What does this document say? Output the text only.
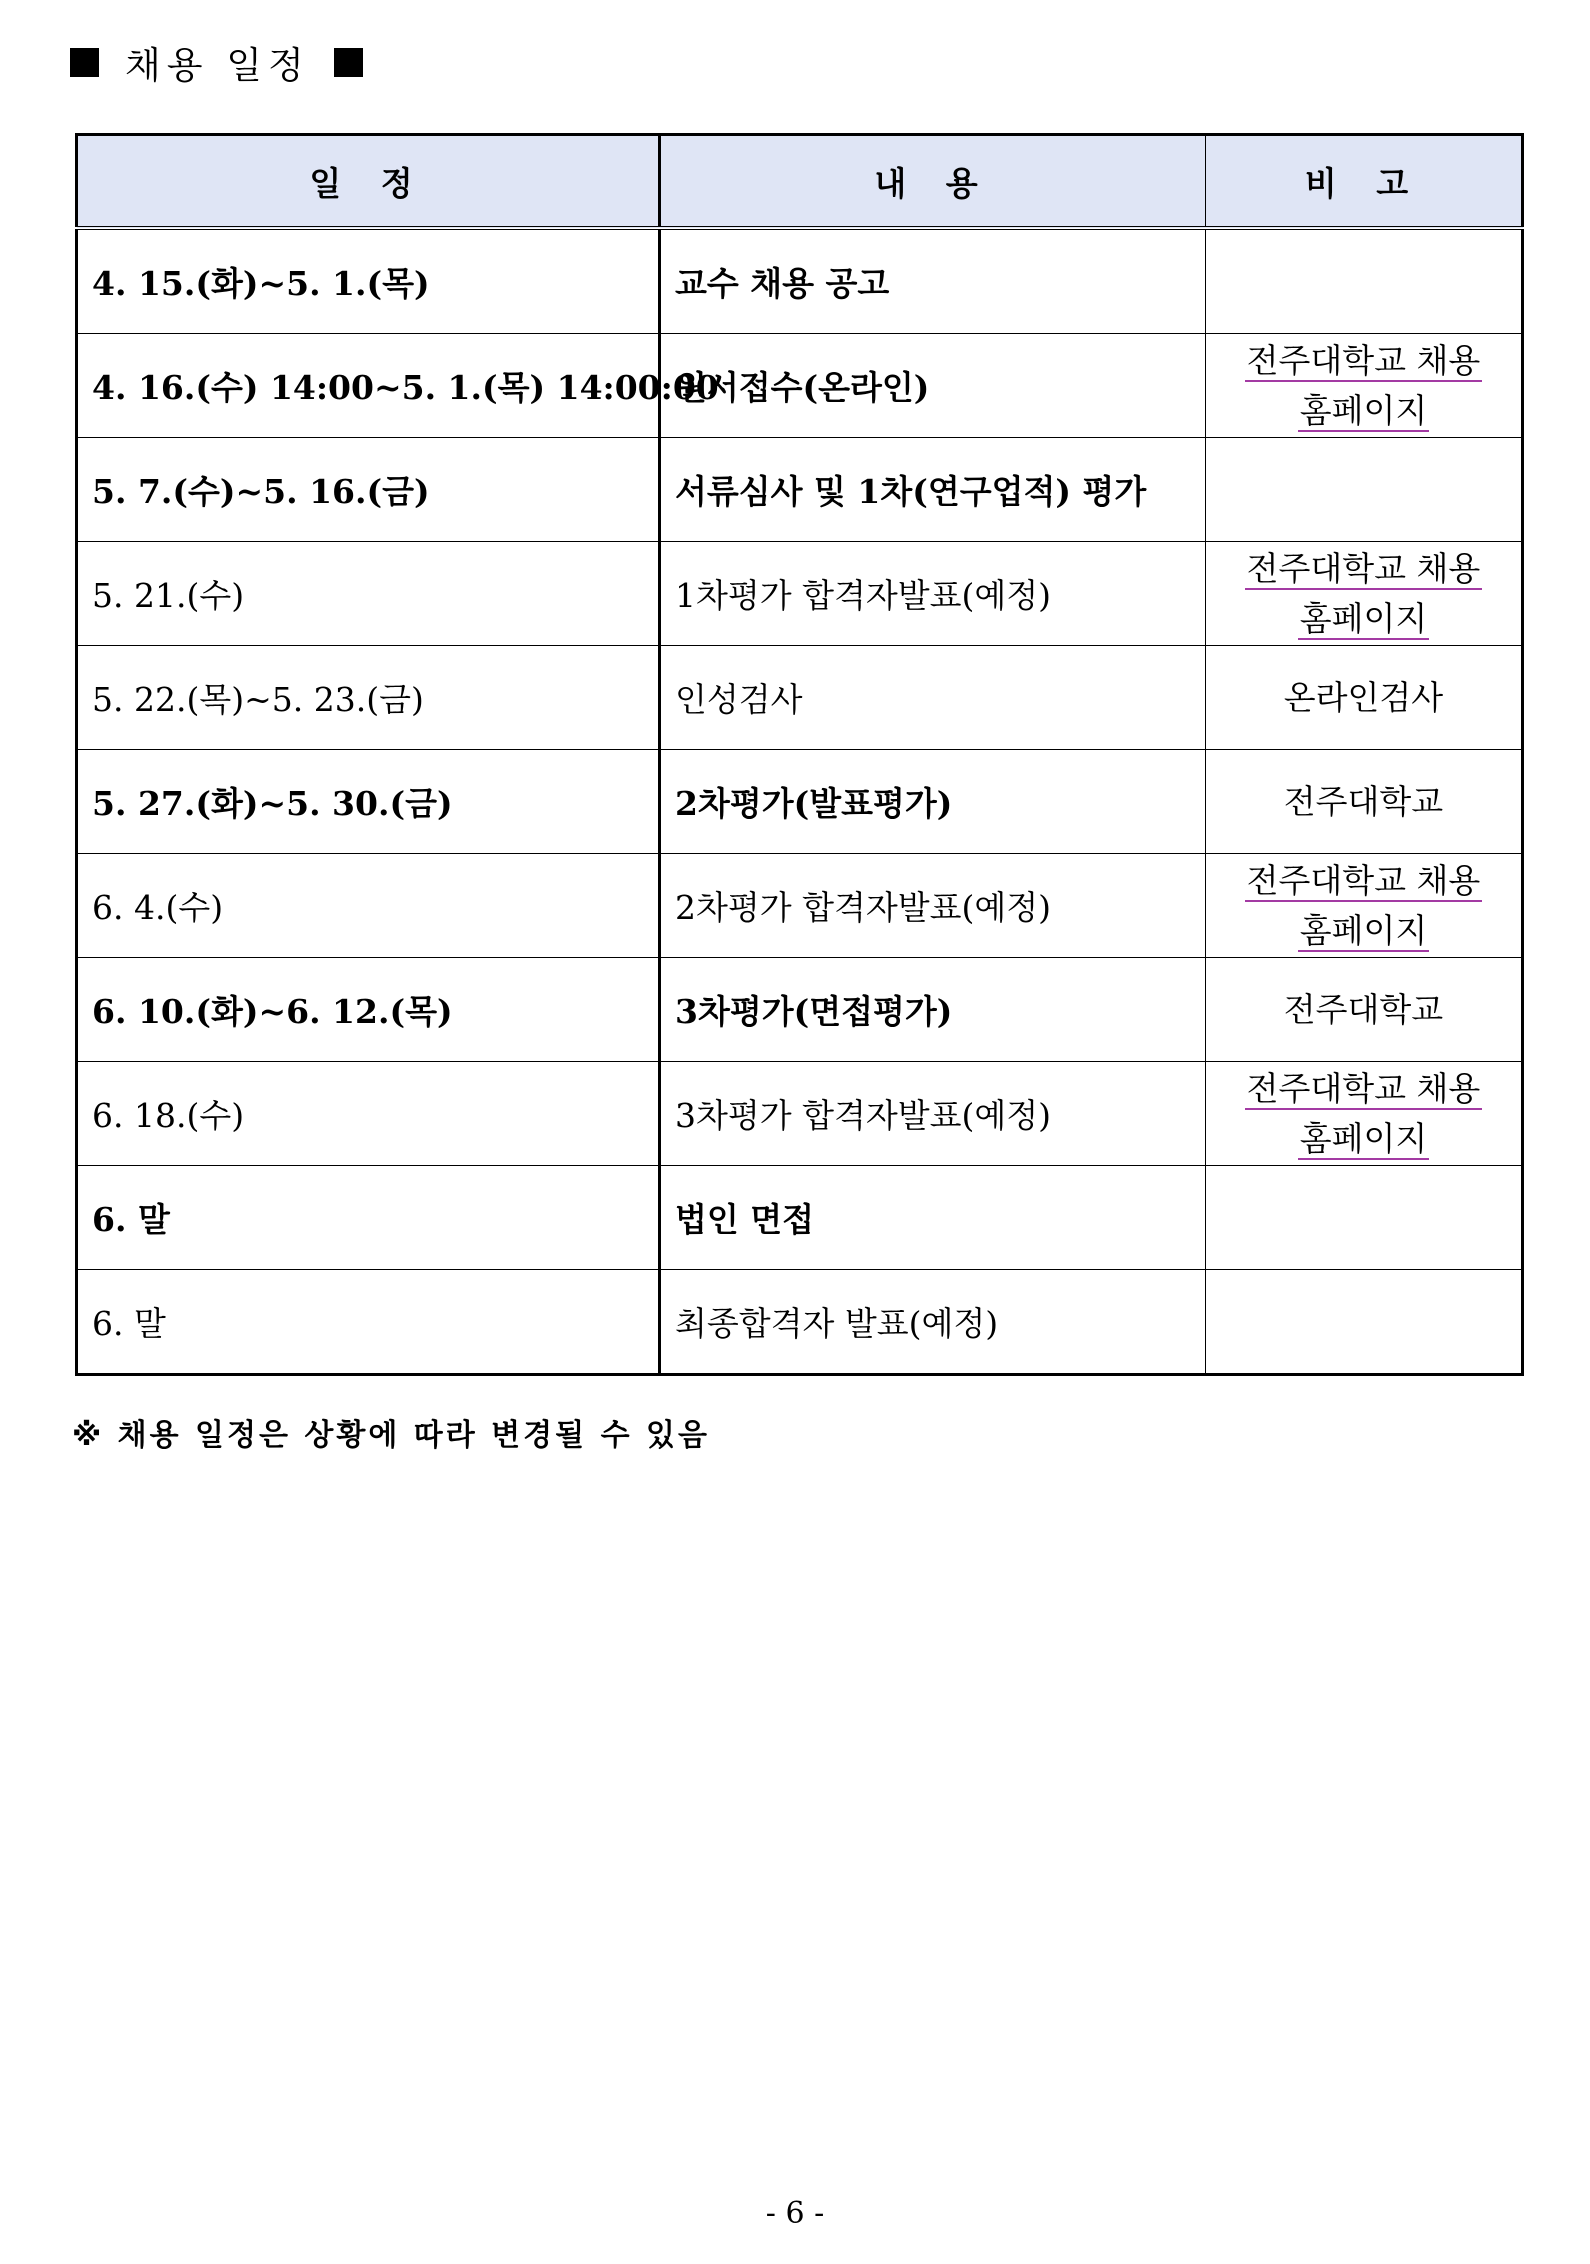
채용 일정
일 정	내 용	비 고
4. 15.(화)~5. 1.(목)	교수 채용 공고	
4. 16.(수) 14:00~5. 1.(목) 14:00:00	원서접수(온라인)	전주대학교 채용
홈페이지
5. 7.(수)~5. 16.(금)	서류심사 및 1차(연구업적) 평가	
5. 21.(수)	1차평가 합격자발표(예정)	전주대학교 채용
홈페이지
5. 22.(목)~5. 23.(금)	인성검사	온라인검사
5. 27.(화)~5. 30.(금)	2차평가(발표평가)	전주대학교
6. 4.(수)	2차평가 합격자발표(예정)	전주대학교 채용
홈페이지
6. 10.(화)~6. 12.(목)	3차평가(면접평가)	전주대학교
6. 18.(수)	3차평가 합격자발표(예정)	전주대학교 채용
홈페이지
6. 말	법인 면접	
6. 말	최종합격자 발표(예정)	
※ 채용 일정은 상황에 따라 변경될 수 있음
- 6 -
